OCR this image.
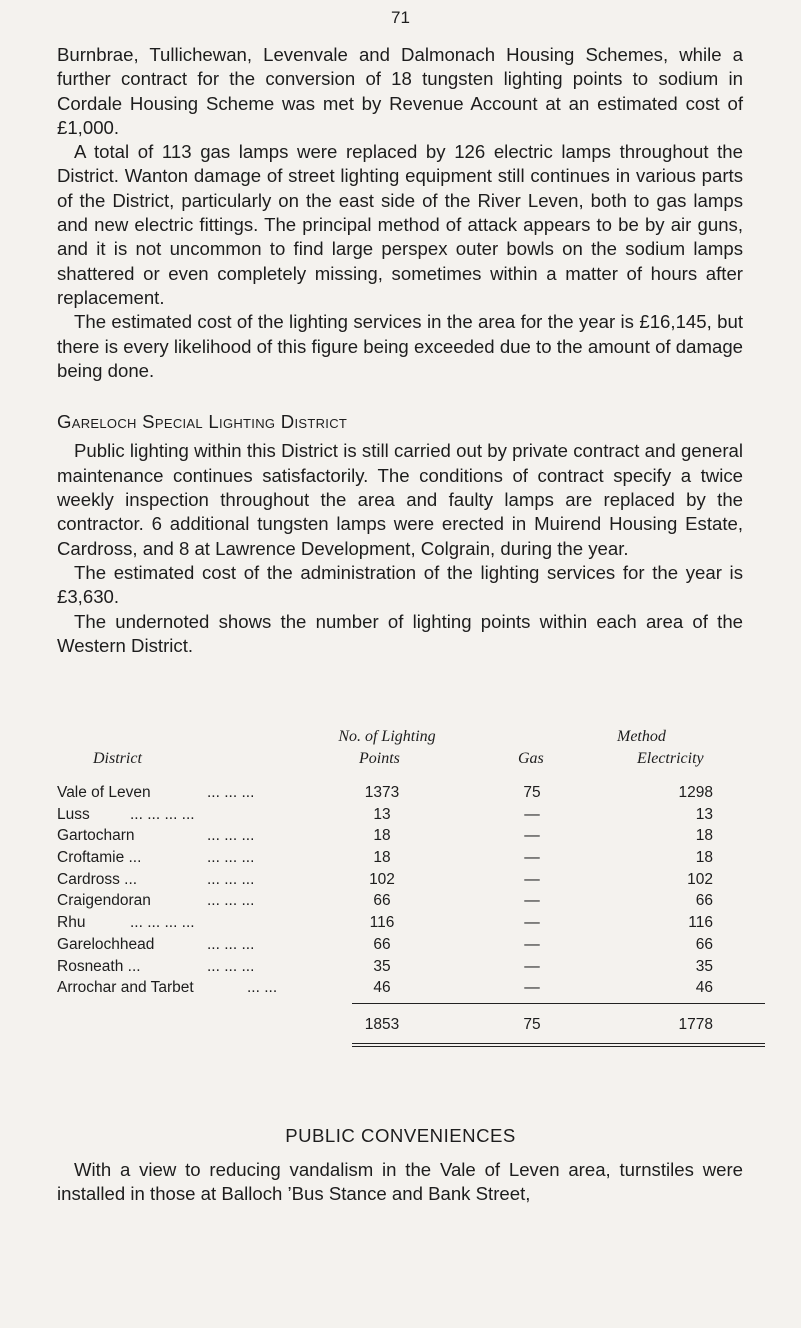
71

Burnbrae, Tullichewan, Levenvale and Dalmonach Housing Schemes, while a further contract for the conversion of 18 tungsten lighting points to sodium in Cordale Housing Scheme was met by Revenue Account at an estimated cost of £1,000.

A total of 113 gas lamps were replaced by 126 electric lamps throughout the District. Wanton damage of street lighting equipment still continues in various parts of the District, particularly on the east side of the River Leven, both to gas lamps and new electric fittings. The principal method of attack appears to be by air guns, and it is not uncommon to find large perspex outer bowls on the sodium lamps shattered or even completely missing, sometimes within a matter of hours after replacement.

The estimated cost of the lighting services in the area for the year is £16,145, but there is every likelihood of this figure being exceeded due to the amount of damage being done.

Gareloch Special Lighting District

Public lighting within this District is still carried out by private contract and general maintenance continues satisfactorily. The conditions of contract specify a twice weekly inspection throughout the area and faulty lamps are replaced by the contractor. 6 additional tungsten lamps were erected in Muirend Housing Estate, Cardross, and 8 at Lawrence Development, Colgrain, during the year.

The estimated cost of the administration of the lighting services for the year is £3,630.

The undernoted shows the number of lighting points within each area of the Western District.

No. of Lighting	Method
District	Points	Gas	Electricity
Vale of Leven	... ... ...	1373	75	1298
Luss	... ... ... ...	13	—	13
Gartocharn	... ... ...	18	—	18
Croftamie ...	... ... ...	18	—	18
Cardross ...	... ... ...	102	—	102
Craigendoran	... ... ...	66	—	66
Rhu	... ... ... ...	116	—	116
Garelochhead	... ... ...	66	—	66
Rosneath ...	... ... ...	35	—	35
Arrochar and Tarbet	... ...	46	—	46
1853	75	1778
PUBLIC CONVENIENCES

With a view to reducing vandalism in the Vale of Leven area, turnstiles were installed in those at Balloch ’Bus Stance and Bank Street,
